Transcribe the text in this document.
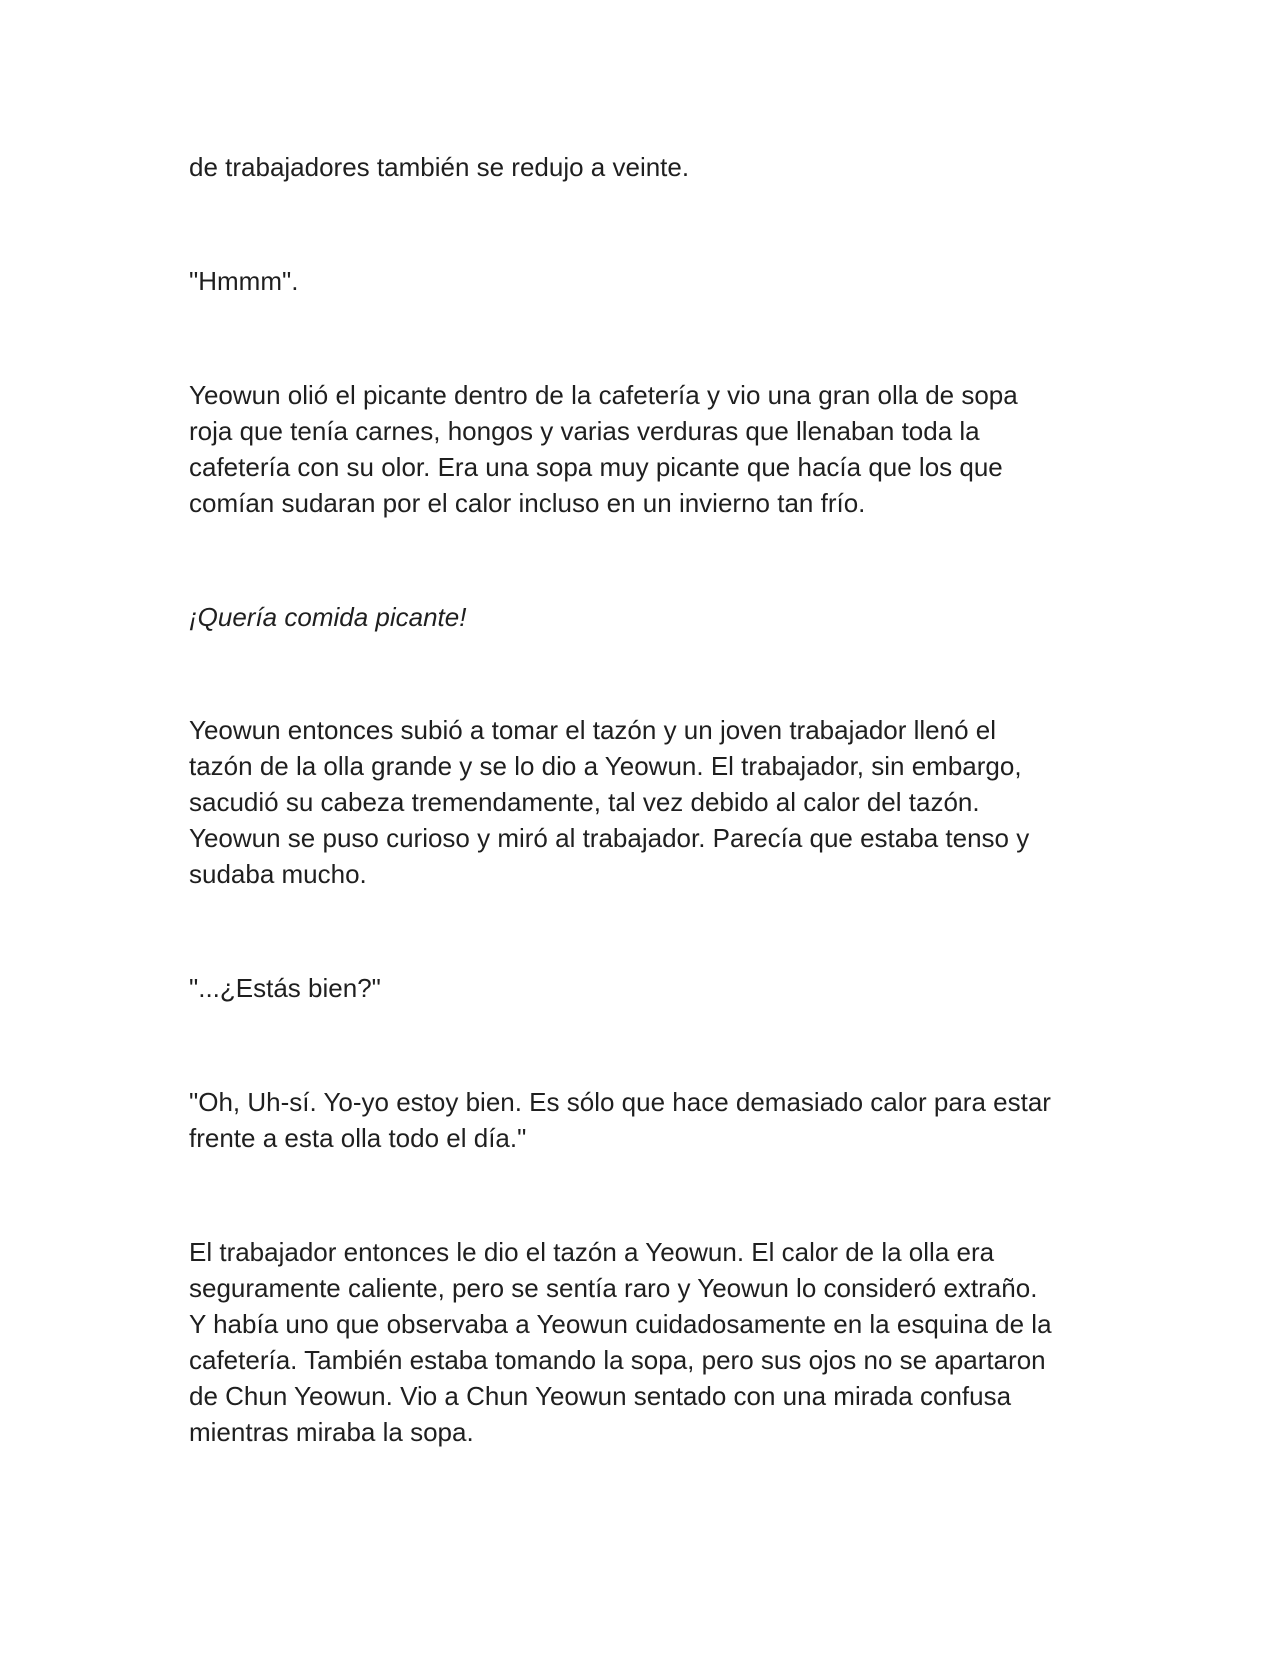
de trabajadores también se redujo a veinte.

"Hmmm".

Yeowun olió el picante dentro de la cafetería y vio una gran olla de sopa
roja que tenía carnes, hongos y varias verduras que llenaban toda la
cafetería con su olor. Era una sopa muy picante que hacía que los que
comían sudaran por el calor incluso en un invierno tan frío.

¡Quería comida picante!

Yeowun entonces subió a tomar el tazón y un joven trabajador llenó el
tazón de la olla grande y se lo dio a Yeowun. El trabajador, sin embargo,
sacudió su cabeza tremendamente, tal vez debido al calor del tazón.
Yeowun se puso curioso y miró al trabajador. Parecía que estaba tenso y
sudaba mucho.

"...¿Estás bien?"

"Oh, Uh-sí. Yo-yo estoy bien. Es sólo que hace demasiado calor para estar
frente a esta olla todo el día."

El trabajador entonces le dio el tazón a Yeowun. El calor de la olla era
seguramente caliente, pero se sentía raro y Yeowun lo consideró extraño.
Y había uno que observaba a Yeowun cuidadosamente en la esquina de la
cafetería. También estaba tomando la sopa, pero sus ojos no se apartaron
de Chun Yeowun. Vio a Chun Yeowun sentado con una mirada confusa
mientras miraba la sopa.
